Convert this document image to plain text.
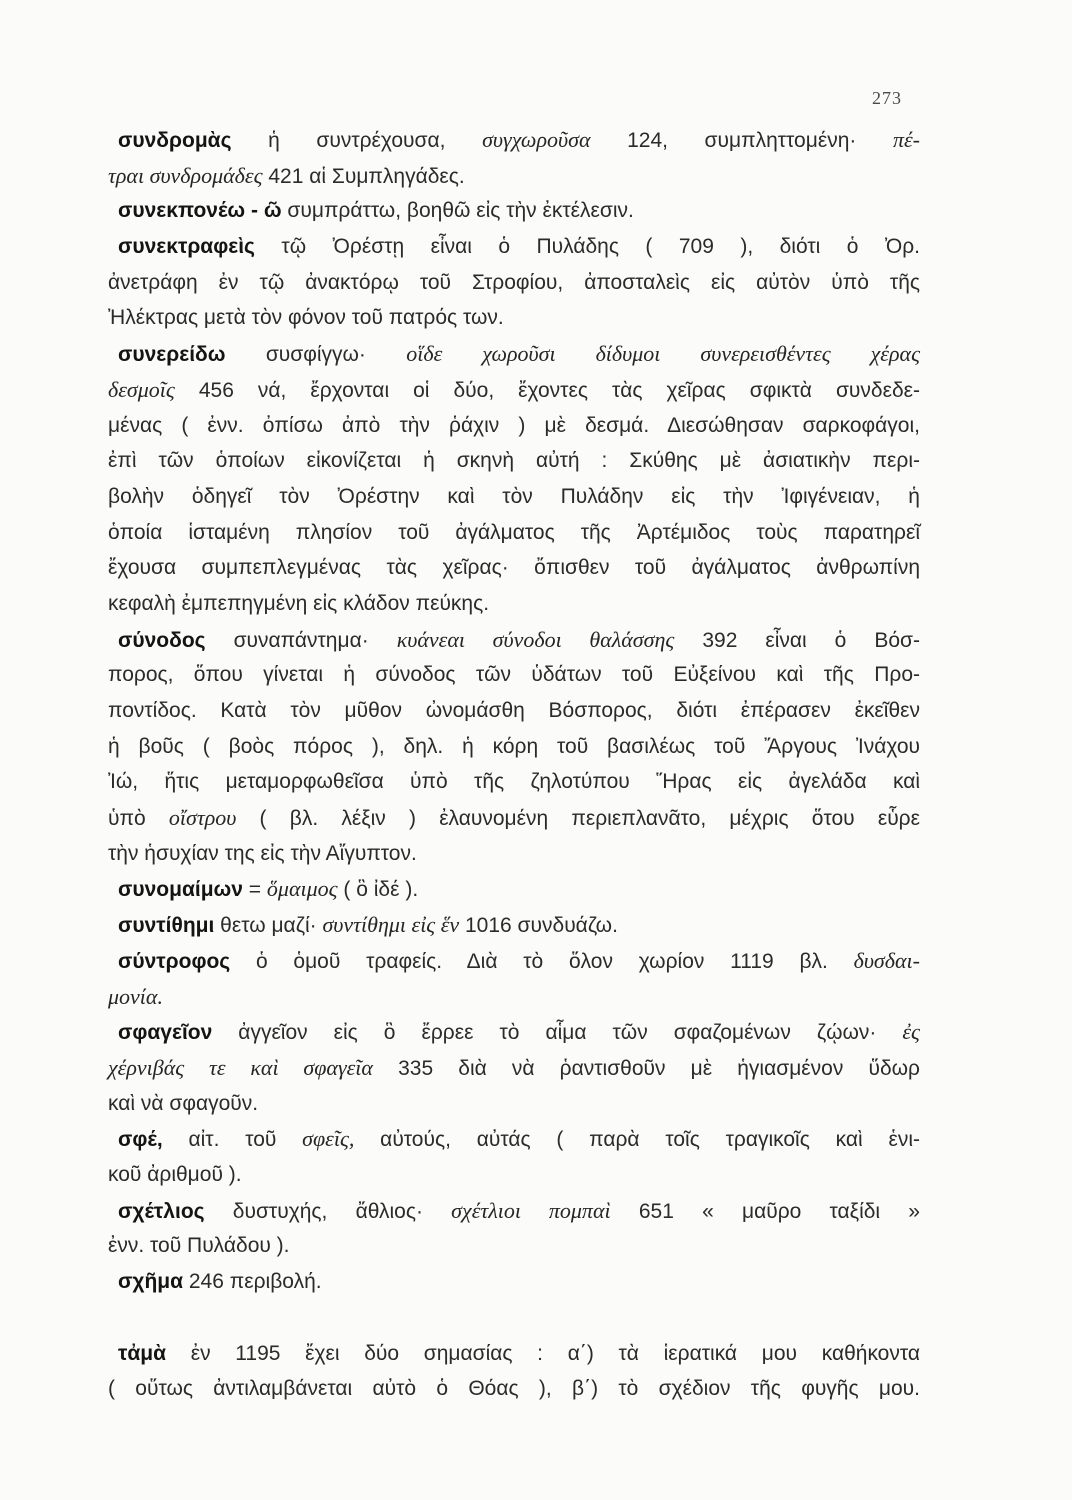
273
συνδρομὰς ἡ συντρέχουσα, συγχωροῦσα 124, συμπληττομένη· πέ-
τραι συνδρομάδες 421 αἱ Συμπληγάδες.
συνεκπονέω - ῶ συμπράττω, βοηθῶ εἰς τὴν ἐκτέλεσιν.
συνεκτραφεὶς τῷ Ὀρέστῃ εἶναι ὁ Πυλάδης ( 709 ), διότι ὁ Ὀρ.
ἀνετράφη ἐν τῷ ἀνακτόρῳ τοῦ Στροφίου, ἀποσταλεὶς εἰς αὐτὸν ὑπὸ τῆς
Ἠλέκτρας μετὰ τὸν φόνον τοῦ πατρός των.
συνερείδω συσφίγγω· οἵδε χωροῦσι δίδυμοι συνερεισθέντες χέρας
δεσμοῖς 456 νά, ἔρχονται οἱ δύο, ἔχοντες τὰς χεῖρας σφικτὰ συνδεδε-
μένας ( ἐνν. ὀπίσω ἀπὸ τὴν ῥάχιν ) μὲ δεσμά. Διεσώθησαν σαρκοφάγοι,
ἐπὶ τῶν ὁποίων εἰκονίζεται ἡ σκηνὴ αὐτή : Σκύθης μὲ ἀσιατικὴν περι-
βολὴν ὁδηγεῖ τὸν Ὀρέστην καὶ τὸν Πυλάδην εἰς τὴν Ἰφιγένειαν, ἡ
ὁποία ἱσταμένη πλησίον τοῦ ἀγάλματος τῆς Ἀρτέμιδος τοὺς παρατηρεῖ
ἔχουσα συμπεπλεγμένας τὰς χεῖρας· ὄπισθεν τοῦ ἀγάλματος ἀνθρωπίνη
κεφαλὴ ἐμπεπηγμένη εἰς κλάδον πεύκης.
σύνοδος συναπάντημα· κυάνεαι σύνοδοι θαλάσσης 392 εἶναι ὁ Βόσ-
πορος, ὅπου γίνεται ἡ σύνοδος τῶν ὑδάτων τοῦ Εὐξείνου καὶ τῆς Προ-
ποντίδος. Κατὰ τὸν μῦθον ὠνομάσθη Βόσπορος, διότι ἐπέρασεν ἐκεῖθεν
ἡ βοῦς ( βοὸς πόρος ), δηλ. ἡ κόρη τοῦ βασιλέως τοῦ Ἄργους Ἰνάχου
Ἰώ, ἥτις μεταμορφωθεῖσα ὑπὸ τῆς ζηλοτύπου Ἥρας εἰς ἀγελάδα καὶ
ὑπὸ οἴστρου ( βλ. λέξιν ) ἐλαυνομένη περιεπλανᾶτο, μέχρις ὅτου εὗρε
τὴν ἡσυχίαν της εἰς τὴν Αἴγυπτον.
συνομαίμων = ὅμαιμος ( ὃ ἰδέ ).
συντίθημι θετω μαζί· συντίθημι εἰς ἕν 1016 συνδυάζω.
σύντροφος ὁ ὁμοῦ τραφείς. Διὰ τὸ ὅλον χωρίον 1119 βλ. δυσδαι-
μονία.
σφαγεῖον ἀγγεῖον εἰς ὃ ἔρρεε τὸ αἷμα τῶν σφαζομένων ζῴων· ἐς
χέρνιβάς τε καὶ σφαγεῖα 335 διὰ νὰ ῥαντισθοῦν μὲ ἡγιασμένον ὕδωρ
καὶ νὰ σφαγοῦν.
σφέ, αἰτ. τοῦ σφεῖς, αὐτούς, αὐτάς ( παρὰ τοῖς τραγικοῖς καὶ ἑνι-
κοῦ ἀριθμοῦ ).
σχέτλιος δυστυχής, ἄθλιος· σχέτλιοι πομπαὶ 651 « μαῦρο ταξίδι »
ἐνν. τοῦ Πυλάδου ).
σχῆμα 246 περιβολή.
τἀμὰ ἐν 1195 ἔχει δύο σημασίας : α΄) τὰ ἱερατικά μου καθήκοντα
( οὕτως ἀντιλαμβάνεται αὐτὸ ὁ Θόας ), β΄) τὸ σχέδιον τῆς φυγῆς μου.
